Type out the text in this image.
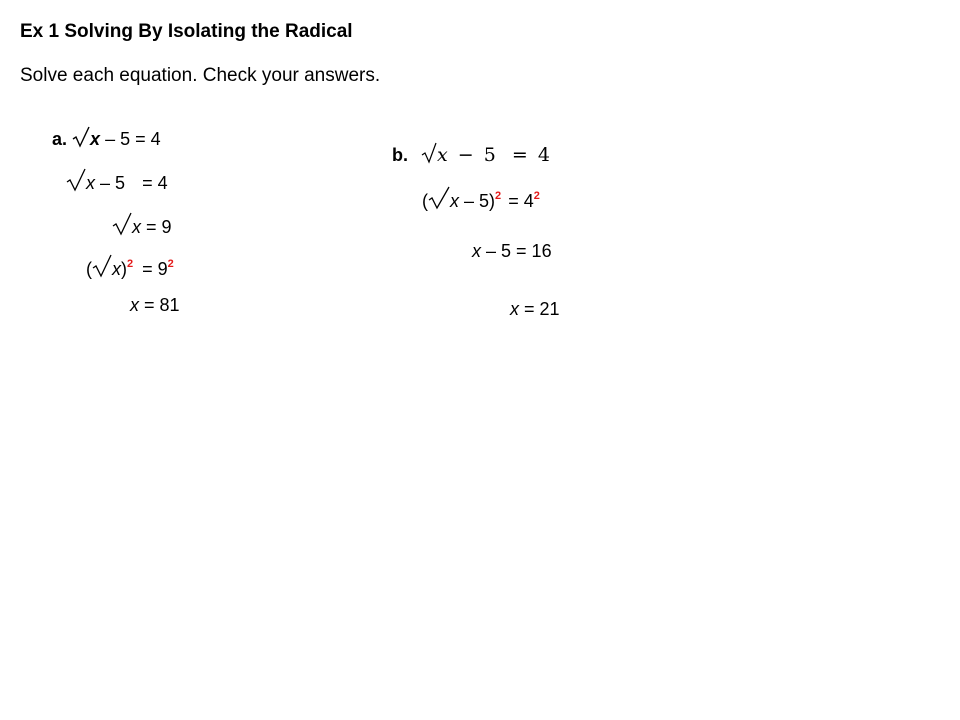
Ex 1 Solving By Isolating the Radical
Solve each equation. Check your answers.
a. x – 5 = 4
x – 5 = 4
x = 9
( $x)^2 = 9^2$
x = 81
b. x − 5 = 4
( $x - 5)^2 = 4^2$
x – 5 = 16
x = 21
